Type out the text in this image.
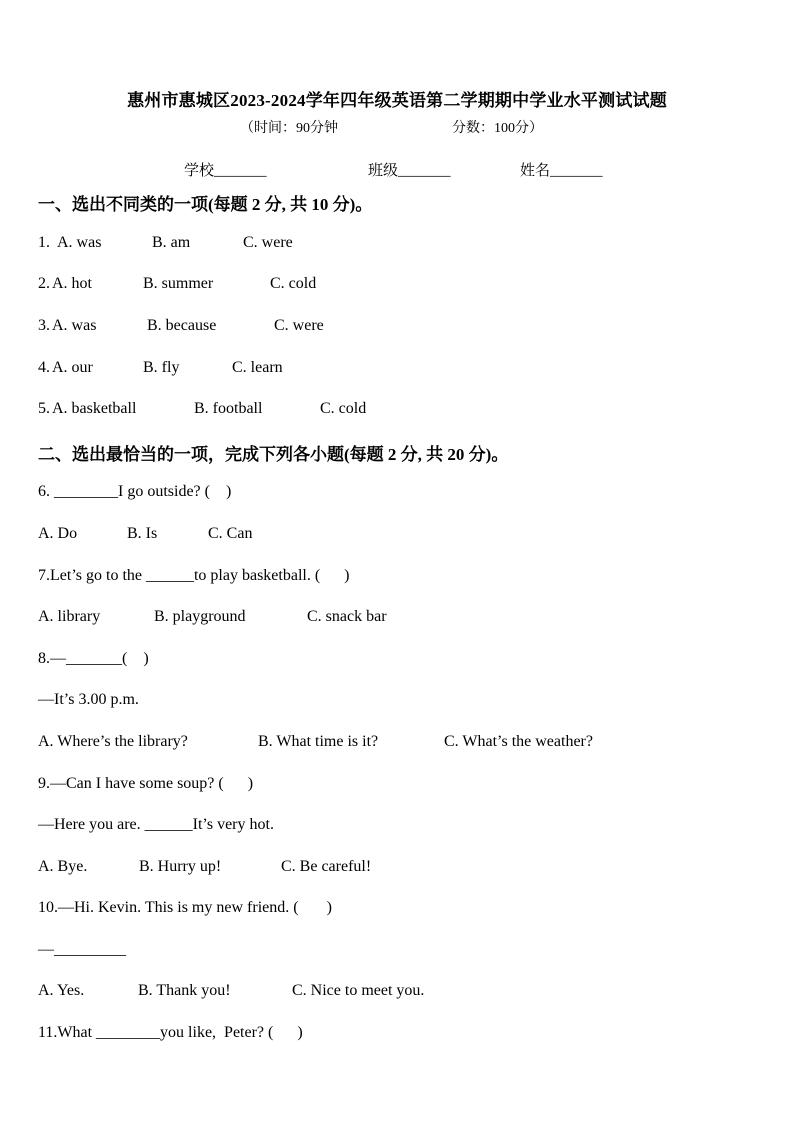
惠州市惠城区2023-2024学年四年级英语第二学期期中学业水平测试试题
（时间：90分钟	分数：100分）
学校_______	班级_______	姓名_______
一、选出不同类的一项(每题 2 分, 共 10 分)。
1. A. was	B. am	C. were
2. A. hot	B. summer	C. cold
3. A. was	B. because	C. were
4. A. our	B. fly	C. learn
5. A. basketball	B. football	C. cold
二、选出最恰当的一项，完成下列各小题(每题 2 分, 共 20 分)。
6. ________I go outside? (    )
A. Do	B. Is	C. Can
7.Let’s go to the ______to play basketball. (      )
A. library	B. playground	C. snack bar
8.—_______(    )
—It’s 3.00 p.m.
A. Where’s the library?	B. What time is it?	C. What’s the weather?
9.—Can I have some soup? (      )
—Here you are. ______It’s very hot.
A. Bye.	B. Hurry up!	C. Be careful!
10.—Hi. Kevin. This is my new friend. (       )
—_________
A. Yes.	B. Thank you!	C. Nice to meet you.
11.What ________you like,  Peter? (      )
